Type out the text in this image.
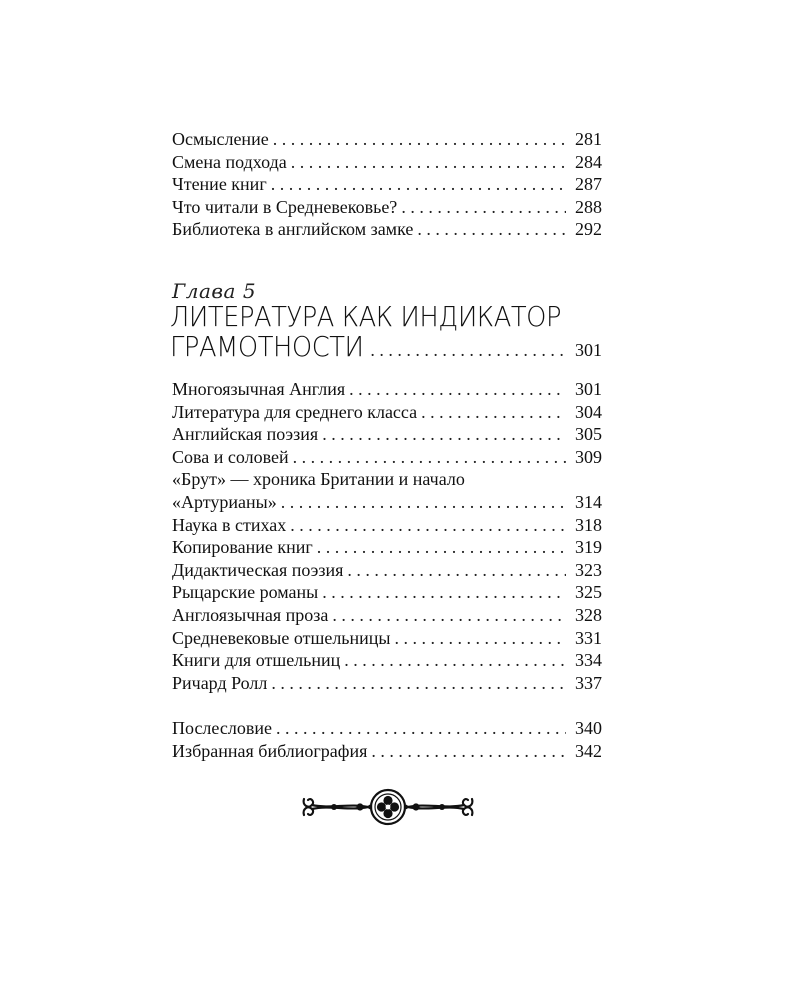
Осмысление . . .	281
Смена подхода . . .	284
Чтение книг . . .	287
Что читали в Средневековье? . . .	288
Библиотека в английском замке . . .	292
Глава 5
ЛИТЕРАТУРА КАК ИНДИКАТОР
ГРАМОТНОСТИ . . .	301
Многоязычная Англия . . .	301
Литература для среднего класса . . .	304
Английская поэзия . . .	305
Сова и соловей . . .	309
«Брут» — хроника Британии и начало
«Артурианы» . . .	314
Наука в стихах . . .	318
Копирование книг . . .	319
Дидактическая поэзия . . .	323
Рыцарские романы . . .	325
Англоязычная проза . . .	328
Средневековые отшельницы . . .	331
Книги для отшельниц . . .	334
Ричард Ролл . . .	337
Послесловие . . .	340
Избранная библиография . . .	342
